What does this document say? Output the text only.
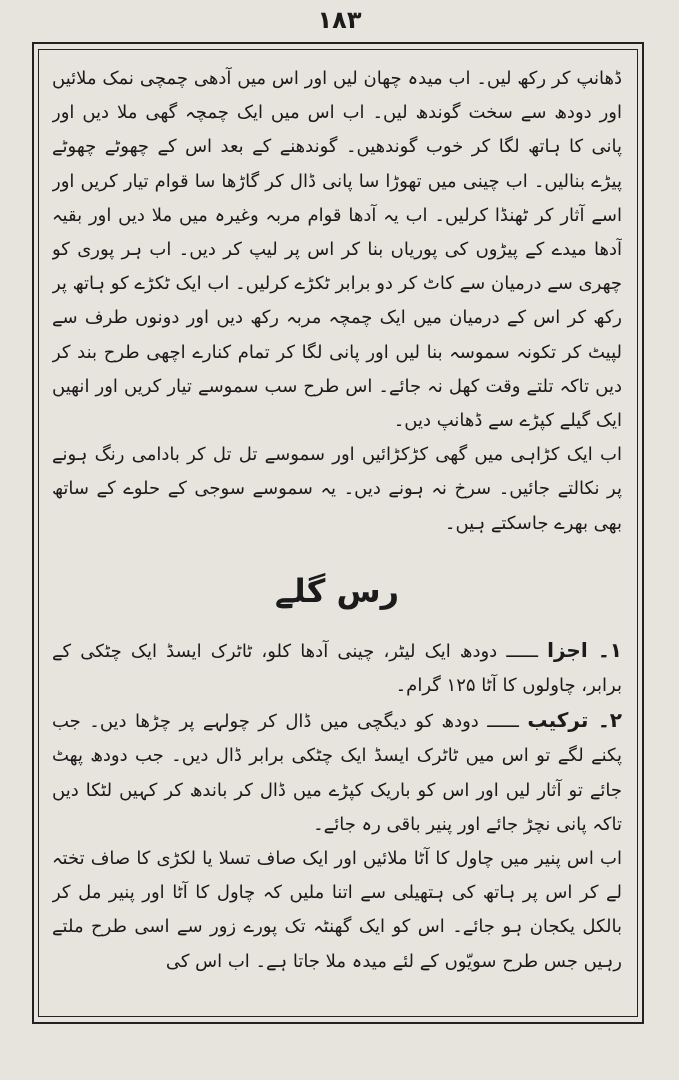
۱۸۳

ڈھانپ کر رکھ لیں۔ اب میدہ چھان لیں اور اس میں آدھی چمچی نمک ملائیں اور دودھ سے سخت گوندھ لیں۔ اب اس میں ایک چمچہ گھی ملا دیں اور پانی کا ہاتھ لگا کر خوب گوندھیں۔ گوندھنے کے بعد اس کے چھوٹے چھوٹے پیڑے بنالیں۔ اب چینی میں تھوڑا سا پانی ڈال کر گاڑھا سا قوام تیار کریں اور اسے آثار کر ٹھنڈا کرلیں۔ اب یہ آدھا قوام مربہ وغیرہ میں ملا دیں اور بقیہ آدھا میدے کے پیڑوں کی پوریاں بنا کر اس پر لیپ کر دیں۔ اب ہر پوری کو چھری سے درمیان سے کاٹ کر دو برابر ٹکڑے کرلیں۔ اب ایک ٹکڑے کو ہاتھ پر رکھ کر اس کے درمیان میں ایک چمچہ مربہ رکھ دیں اور دونوں طرف سے لپیٹ کر تکونہ سموسہ بنا لیں اور پانی لگا کر تمام کنارے اچھی طرح بند کر دیں تاکہ تلتے وقت کھل نہ جائے۔ اس طرح سب سموسے تیار کریں اور انھیں ایک گیلے کپڑے سے ڈھانپ دیں۔

اب ایک کڑاہی میں گھی کڑکڑائیں اور سموسے تل تل کر بادامی رنگ ہونے پر نکالتے جائیں۔ سرخ نہ ہونے دیں۔ یہ سموسے سوجی کے حلوے کے ساتھ بھی بھرے جاسکتے ہیں۔

رس گلے

۱۔ اجزا ــــــ دودھ ایک لیٹر، چینی آدھا کلو، ٹاٹرک ایسڈ ایک چٹکی کے برابر، چاولوں کا آٹا ۱۲۵ گرام۔

۲۔ ترکیب ــــــ دودھ کو دیگچی میں ڈال کر چولہے پر چڑھا دیں۔ جب پکنے لگے تو اس میں ٹاٹرک ایسڈ ایک چٹکی برابر ڈال دیں۔ جب دودھ پھٹ جائے تو آثار لیں اور اس کو باریک کپڑے میں ڈال کر باندھ کر کہیں لٹکا دیں تاکہ پانی نچڑ جائے اور پنیر باقی رہ جائے۔

اب اس پنیر میں چاول کا آٹا ملائیں اور ایک صاف تسلا یا لکڑی کا صاف تختہ لے کر اس پر ہاتھ کی ہتھیلی سے اتنا ملیں کہ چاول کا آٹا اور پنیر مل کر بالکل یکجان ہو جائے۔ اس کو ایک گھنٹہ تک پورے زور سے اسی طرح ملتے رہیں جس طرح سویّوں کے لئے میدہ ملا جاتا ہے۔ اب اس کی
